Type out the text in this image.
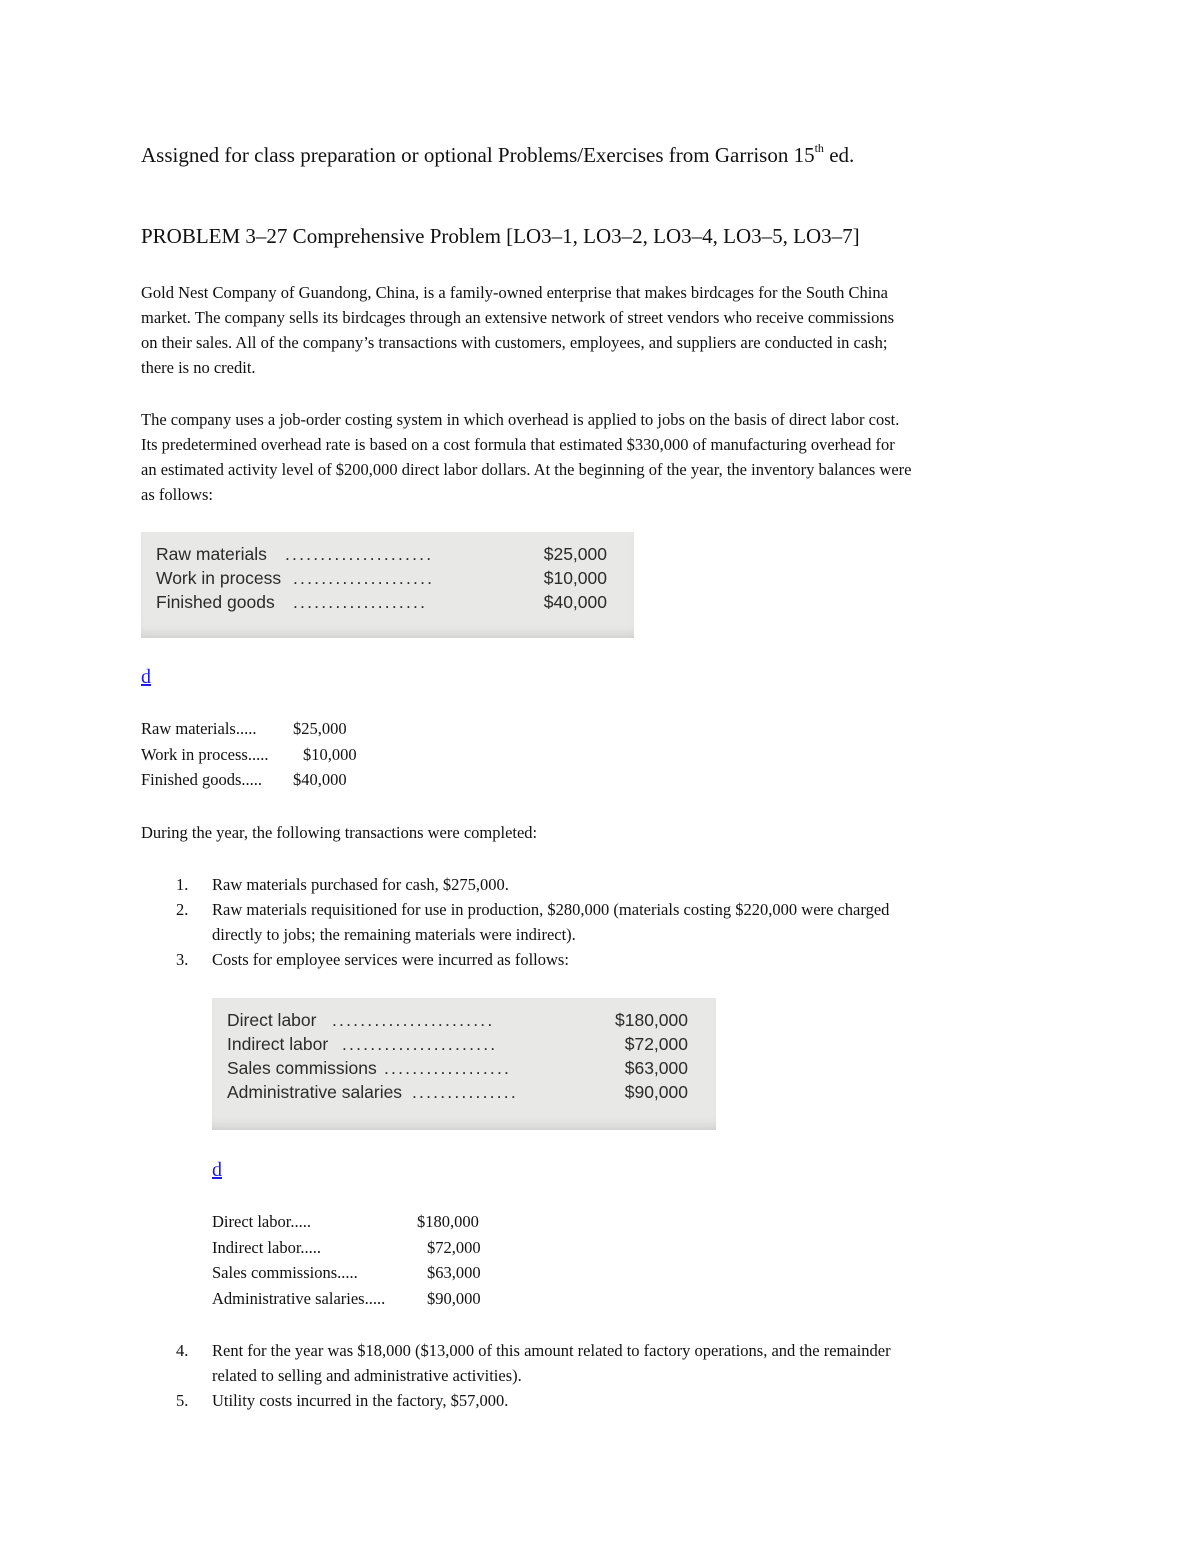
Assigned for class preparation or optional Problems/Exercises from Garrison 15th ed.
PROBLEM 3–27 Comprehensive Problem [LO3–1, LO3–2, LO3–4, LO3–5, LO3–7]
Gold Nest Company of Guandong, China, is a family-owned enterprise that makes birdcages for the South China
market. The company sells its birdcages through an extensive network of street vendors who receive commissions
on their sales. All of the company’s transactions with customers, employees, and suppliers are conducted in cash;
there is no credit.
The company uses a job-order costing system in which overhead is applied to jobs on the basis of direct labor cost.
Its predetermined overhead rate is based on a cost formula that estimated $330,000 of manufacturing overhead for
an estimated activity level of $200,000 direct labor dollars. At the beginning of the year, the inventory balances were
as follows:
Raw materials .....................	$25,000
Work in process ....................	$10,000
Finished goods ...................	$40,000
d
Raw materials..... $25,000
Work in process..... $10,000
Finished goods..... $40,000
During the year, the following transactions were completed:
1. Raw materials purchased for cash, $275,000.
2. Raw materials requisitioned for use in production, $280,000 (materials costing $220,000 were charged
directly to jobs; the remaining materials were indirect).
3. Costs for employee services were incurred as follows:
Direct labor .......................	$180,000
Indirect labor ......................	$72,000
Sales commissions ..................	$63,000
Administrative salaries ...............	$90,000
d
Direct labor.....	$180,000
Indirect labor.....	$72,000
Sales commissions.....	$63,000
Administrative salaries.....	$90,000
4. Rent for the year was $18,000 ($13,000 of this amount related to factory operations, and the remainder
related to selling and administrative activities).
5. Utility costs incurred in the factory, $57,000.
